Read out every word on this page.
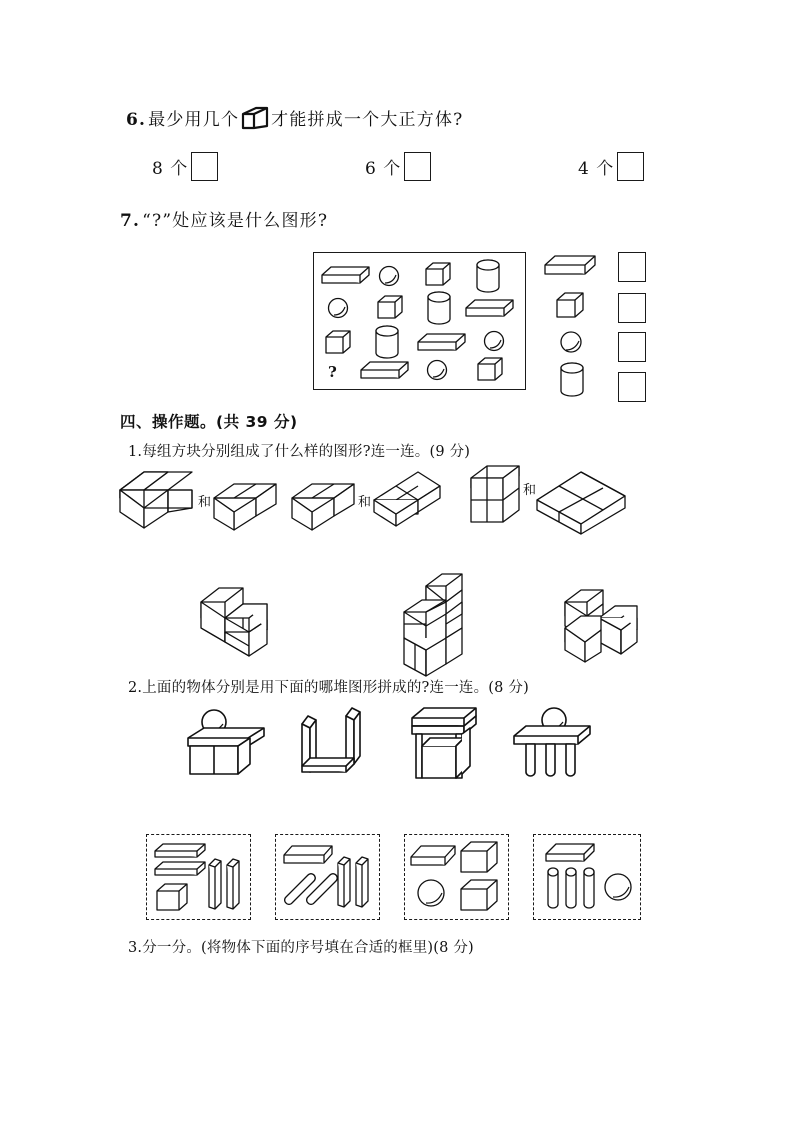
6. 最少用几个 才能拼成一个大正方体?
8 个	6 个	4 个
7. “?”处应该是什么图形?
?
四、操作题。(共 39 分)
1.每组方块分别组成了什么样的图形?连一连。(9 分)
和	和
和
2.上面的物体分别是用下面的哪堆图形拼成的?连一连。(8 分)
3.分一分。(将物体下面的序号填在合适的框里)(8 分)
